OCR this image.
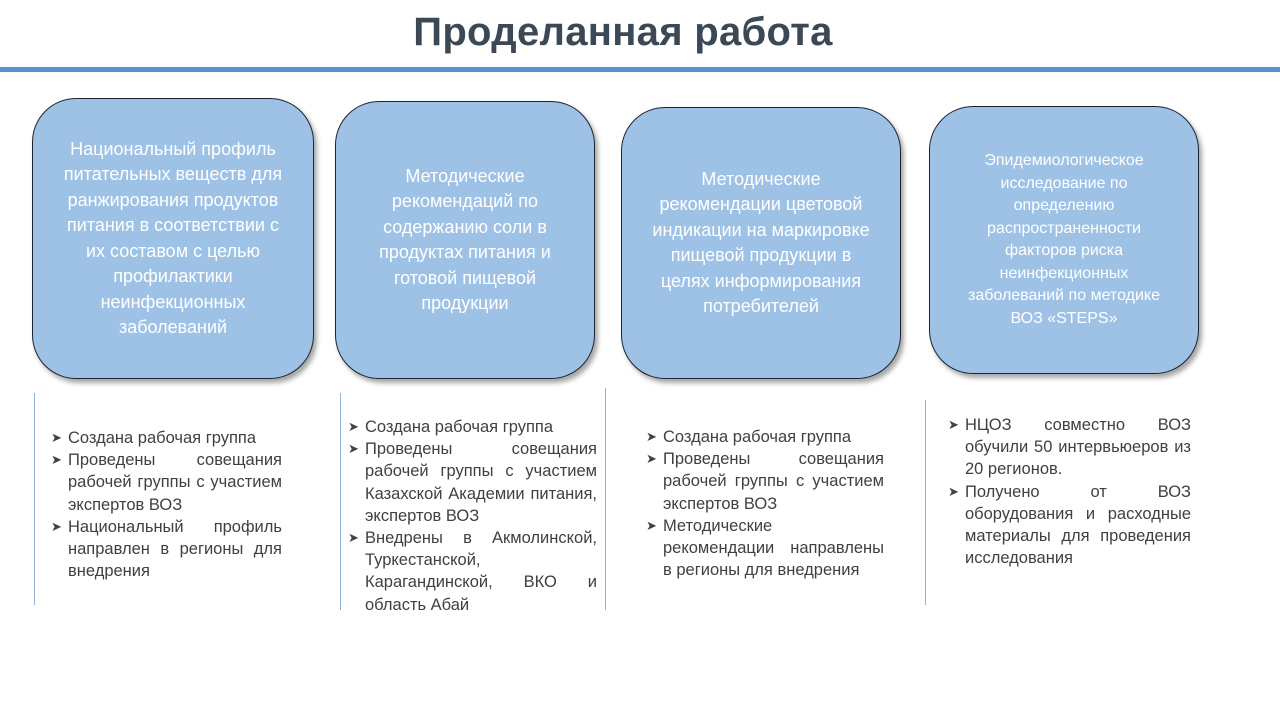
Проделанная работа
Национальный профиль питательных веществ для ранжирования продуктов питания в соответствии с их составом с целью профилактики неинфекционных заболеваний
➤ Создана рабочая группа
➤ Проведены совещания рабочей группы с участием экспертов ВОЗ
➤ Национальный профиль направлен в регионы для внедрения
Методические рекомендаций по содержанию соли в продуктах питания и готовой пищевой продукции
➤ Создана рабочая группа
➤ Проведены совещания рабочей группы с участием Казахской Академии питания, экспертов ВОЗ
➤ Внедрены в Акмолинской, Туркестанской, Карагандинской, ВКО и область Абай
Методические рекомендации цветовой индикации на маркировке пищевой продукции в целях информирования потребителей
➤ Создана рабочая группа
➤ Проведены совещания рабочей группы с участием экспертов ВОЗ
➤ Методические рекомендации направлены в регионы для внедрения
Эпидемиологическое исследование по определению распространенности факторов риска неинфекционных заболеваний по методике ВОЗ «STEPS»
➤ НЦОЗ совместно ВОЗ обучили 50 интервьюеров из 20 регионов.
➤ Получено от ВОЗ оборудования и расходные материалы для проведения исследования
